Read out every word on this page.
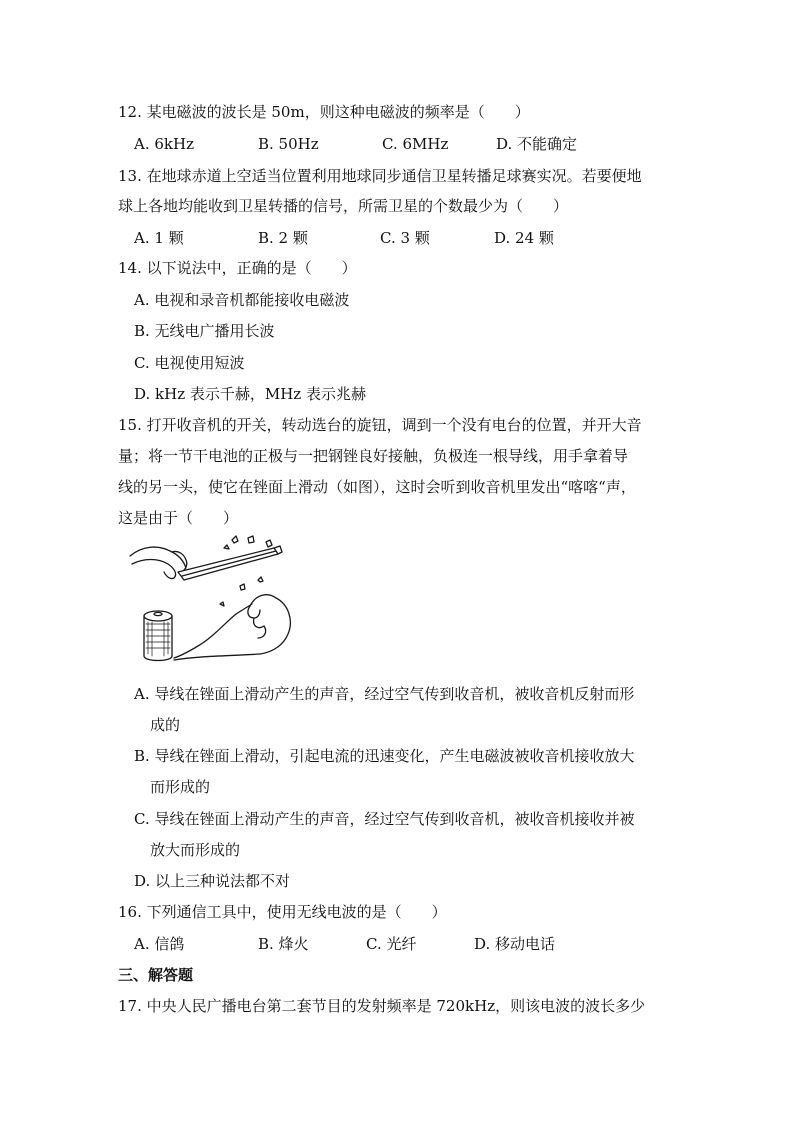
12. 某电磁波的波长是 50m，则这种电磁波的频率是（　　）
A. 6kHz	B. 50Hz	C. 6MHz	D. 不能确定
13. 在地球赤道上空适当位置利用地球同步通信卫星转播足球赛实况。若要便地
球上各地均能收到卫星转播的信号，所需卫星的个数最少为（　　）
A. 1 颗	B. 2 颗	C. 3 颗	D. 24 颗
14. 以下说法中，正确的是（　　）
A. 电视和录音机都能接收电磁波
B. 无线电广播用长波
C. 电视使用短波
D. kHz 表示千赫，MHz 表示兆赫
15. 打开收音机的开关，转动选台的旋钮，调到一个没有电台的位置，并开大音
量；将一节干电池的正极与一把钢锉良好接触，负极连一根导线，用手拿着导
线的另一头，使它在锉面上滑动（如图），这时会听到收音机里发出“喀喀“声，
这是由于（　　）
A. 导线在锉面上滑动产生的声音，经过空气传到收音机，被收音机反射而形
成的
B. 导线在锉面上滑动，引起电流的迅速变化，产生电磁波被收音机接收放大
而形成的
C. 导线在锉面上滑动产生的声音，经过空气传到收音机，被收音机接收并被
放大而形成的
D. 以上三种说法都不对
16. 下列通信工具中，使用无线电波的是（　　）
A. 信鸽	B. 烽火	C. 光纤	D. 移动电话
三、解答题
17. 中央人民广播电台第二套节目的发射频率是 720kHz，则该电波的波长多少
